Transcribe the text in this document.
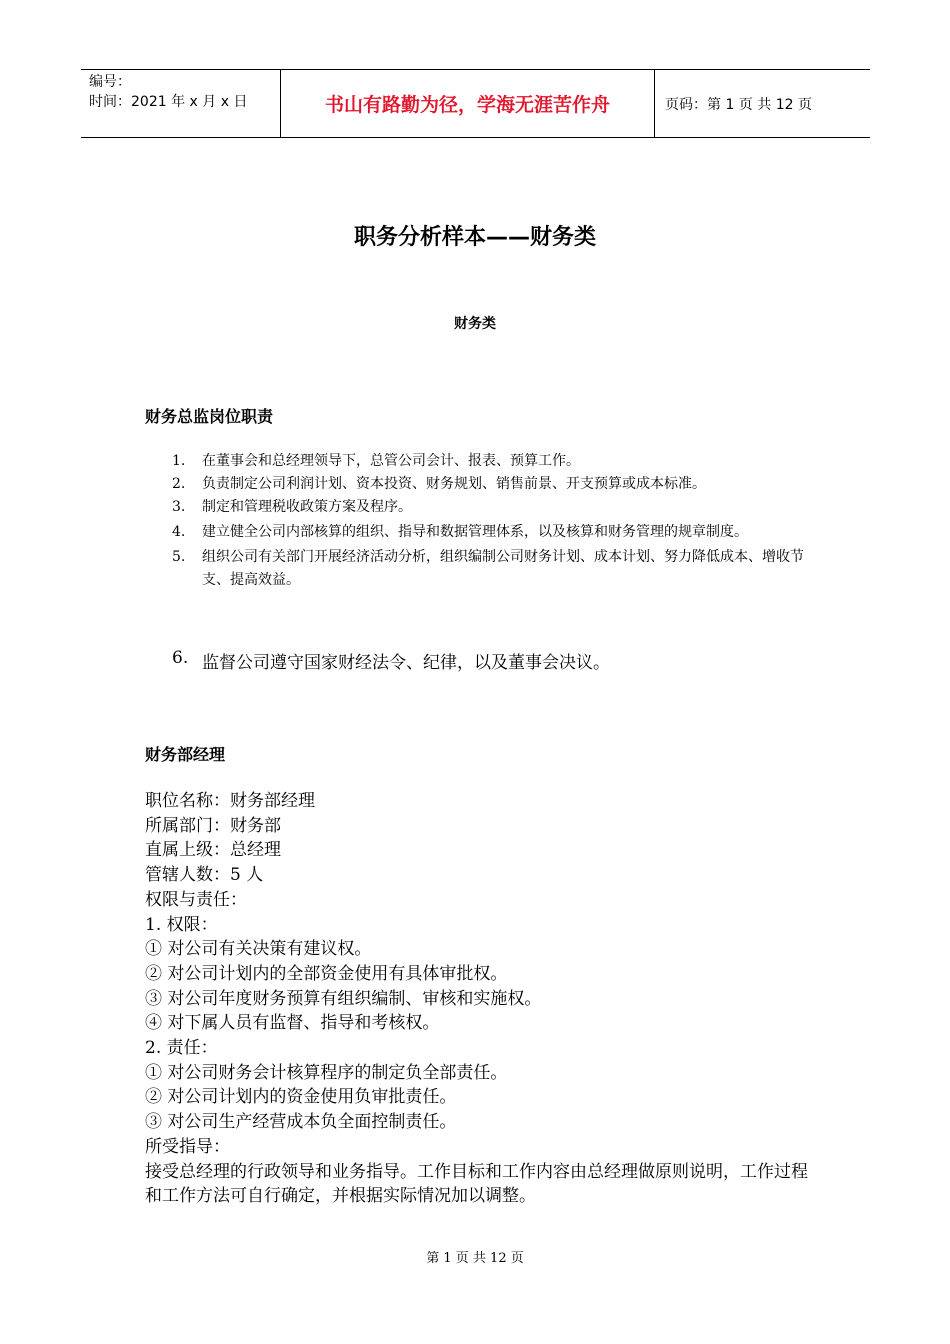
编号：
时间：2021 年 x 月 x 日	书山有路勤为径，学海无涯苦作舟	页码：第 1 页 共 12 页
职务分析样本——财务类
财务类
财务总监岗位职责
1.	在董事会和总经理领导下，总管公司会计、报表、预算工作。
2.	负责制定公司利润计划、资本投资、财务规划、销售前景、开支预算或成本标准。
3.	制定和管理税收政策方案及程序。
4.	建立健全公司内部核算的组织、指导和数据管理体系，以及核算和财务管理的规章制度。
5.	组织公司有关部门开展经济活动分析，组织编制公司财务计划、成本计划、努力降低成本、增收节支、提高效益。
6. 监督公司遵守国家财经法令、纪律，以及董事会决议。
财务部经理
职位名称：财务部经理
所属部门：财务部
直属上级：总经理
管辖人数：5 人
权限与责任：
1. 权限：
① 对公司有关决策有建议权。
② 对公司计划内的全部资金使用有具体审批权。
③ 对公司年度财务预算有组织编制、审核和实施权。
④ 对下属人员有监督、指导和考核权。
2. 责任：
① 对公司财务会计核算程序的制定负全部责任。
② 对公司计划内的资金使用负审批责任。
③ 对公司生产经营成本负全面控制责任。
所受指导：
接受总经理的行政领导和业务指导。工作目标和工作内容由总经理做原则说明，工作过程和工作方法可自行确定，并根据实际情况加以调整。
第 1 页 共 12 页
